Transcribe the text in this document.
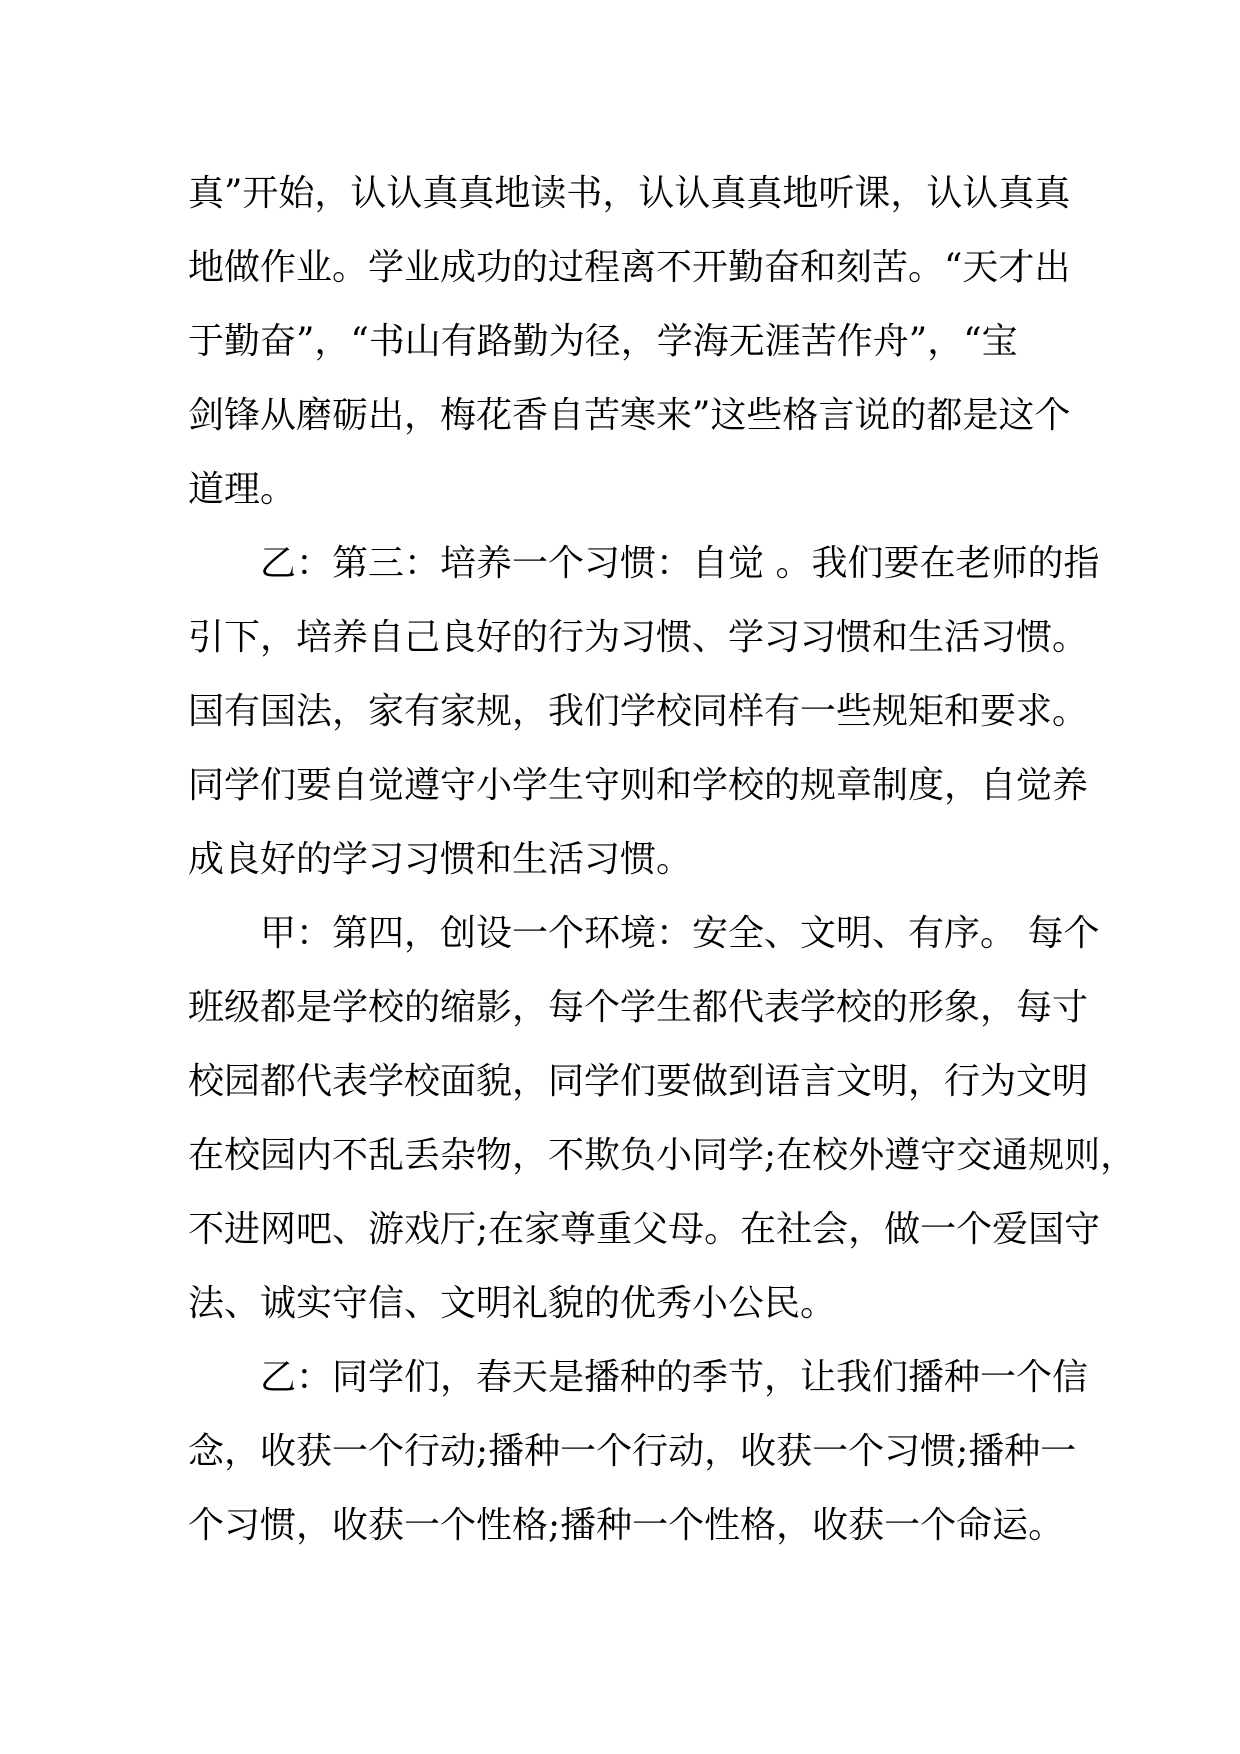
真”开始，认认真真地读书，认认真真地听课，认认真真

地做作业。学业成功的过程离不开勤奋和刻苦。“天才出

于勤奋”，“书山有路勤为径，学海无涯苦作舟”，“宝

剑锋从磨砺出，梅花香自苦寒来”这些格言说的都是这个

道理。

乙：第三：培养一个习惯：自觉 。我们要在老师的指

引下，培养自己良好的行为习惯、学习习惯和生活习惯。

国有国法，家有家规，我们学校同样有一些规矩和要求。

同学们要自觉遵守小学生守则和学校的规章制度，自觉养

成良好的学习习惯和生活习惯。

甲：第四，创设一个环境：安全、文明、有序。 每个

班级都是学校的缩影，每个学生都代表学校的形象，每寸

校园都代表学校面貌，同学们要做到语言文明，行为文明

在校园内不乱丢杂物，不欺负小同学;在校外遵守交通规则，

不进网吧、游戏厅;在家尊重父母。在社会，做一个爱国守

法、诚实守信、文明礼貌的优秀小公民。

乙：同学们，春天是播种的季节，让我们播种一个信

念，收获一个行动;播种一个行动，收获一个习惯;播种一

个习惯，收获一个性格;播种一个性格，收获一个命运。
